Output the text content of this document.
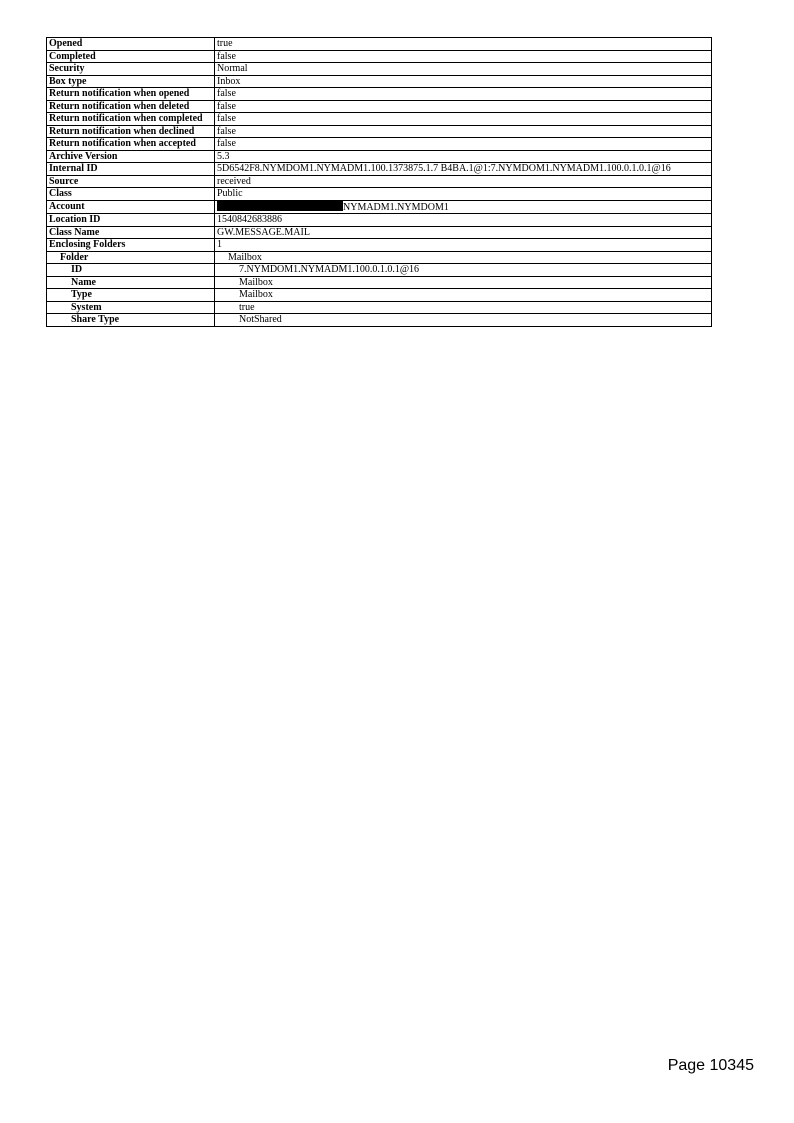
Opened	true
Completed	false
Security	Normal
Box type	Inbox
Return notification when opened	false
Return notification when deleted	false
Return notification when completed	false
Return notification when declined	false
Return notification when accepted	false
Archive Version	5.3
Internal ID	5D6542F8.NYMDOM1.NYMADM1.100.1373875.1.7 B4BA.1@1:7.NYMDOM1.NYMADM1.100.0.1.0.1@16
Source	received
Class	Public
Account	NYMADM1.NYMDOM1
Location ID	1540842683886
Class Name	GW.MESSAGE.MAIL
Enclosing Folders	1
Folder	Mailbox
ID	7.NYMDOM1.NYMADM1.100.0.1.0.1@16
Name	Mailbox
Type	Mailbox
System	true
Share Type	NotShared
Page 10345
